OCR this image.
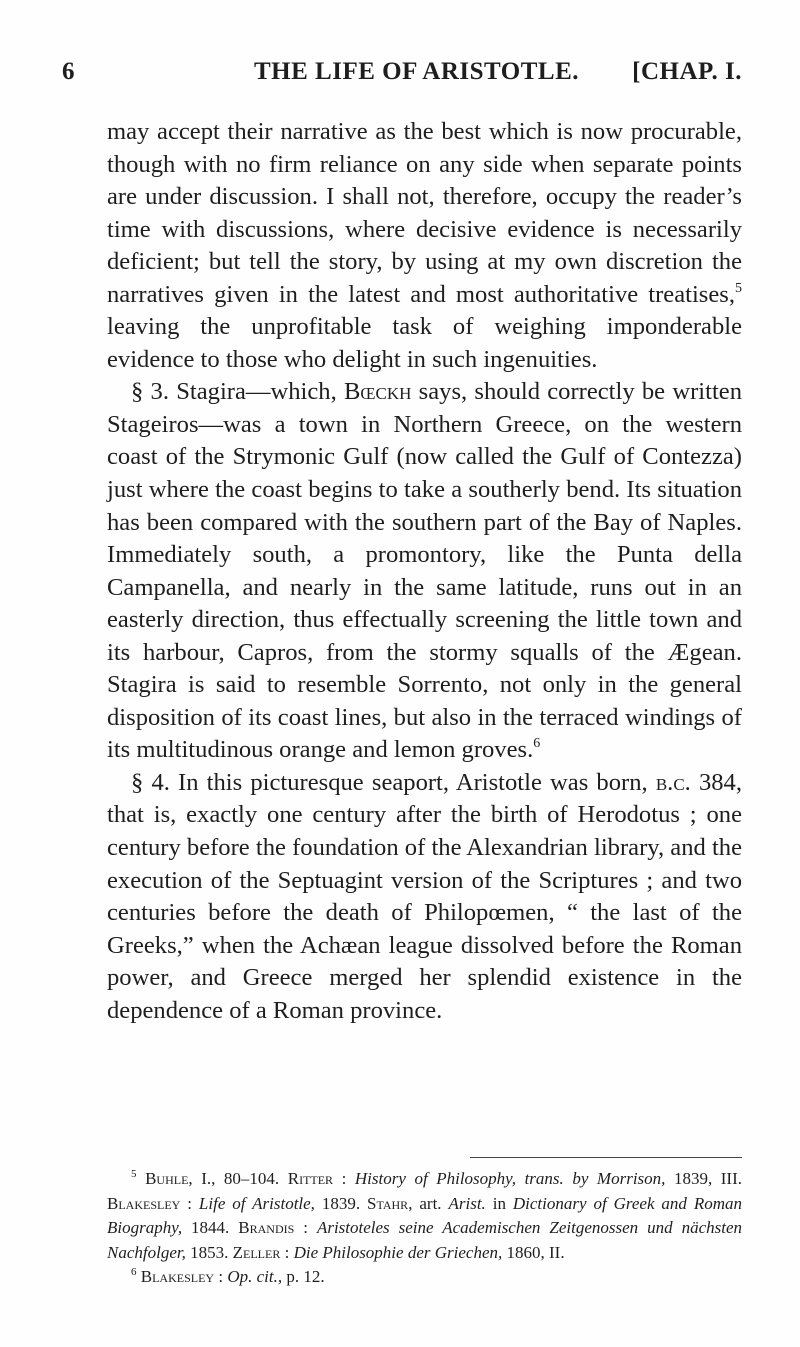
6	THE LIFE OF ARISTOTLE. [CHAP. I.

may accept their narrative as the best which is now procurable, though with no firm reliance on any side when separate points are under discussion. I shall not, therefore, occupy the reader’s time with discussions, where decisive evidence is necessarily deficient; but tell the story, by using at my own discretion the narratives given in the latest and most authoritative treatises,$^5$ leaving the unprofitable task of weighing imponderable evidence to those who delight in such ingenuities.

§ 3. Stagira—which, Bœckh says, should correctly be written Stageiros—was a town in Northern Greece, on the western coast of the Strymonic Gulf (now called the Gulf of Contezza) just where the coast begins to take a southerly bend. Its situation has been compared with the southern part of the Bay of Naples. Immediately south, a promontory, like the Punta della Campanella, and nearly in the same latitude, runs out in an easterly direction, thus effectually screening the little town and its harbour, Capros, from the stormy squalls of the Ægean. Stagira is said to resemble Sorrento, not only in the general disposition of its coast lines, but also in the terraced windings of its multitudinous orange and lemon groves.$^6$

§ 4. In this picturesque seaport, Aristotle was born, b.c. 384, that is, exactly one century after the birth of Herodotus ; one century before the foundation of the Alexandrian library, and the execution of the Septuagint version of the Scriptures ; and two centuries before the death of Philopœmen, “ the last of the Greeks,” when the Achæan league dissolved before the Roman power, and Greece merged her splendid existence in the dependence of a Roman province.

$^5$ Buhle, I., 80–104. Ritter : History of Philosophy, trans. by Morrison, 1839, III. Blakesley : Life of Aristotle, 1839. Stahr, art. Arist. in Dictionary of Greek and Roman Biography, 1844. Brandis : Aristoteles seine Academischen Zeitgenossen und nächsten Nachfolger, 1853. Zeller : Die Philosophie der Griechen, 1860, II.

$^6$ Blakesley : Op. cit., p. 12.
